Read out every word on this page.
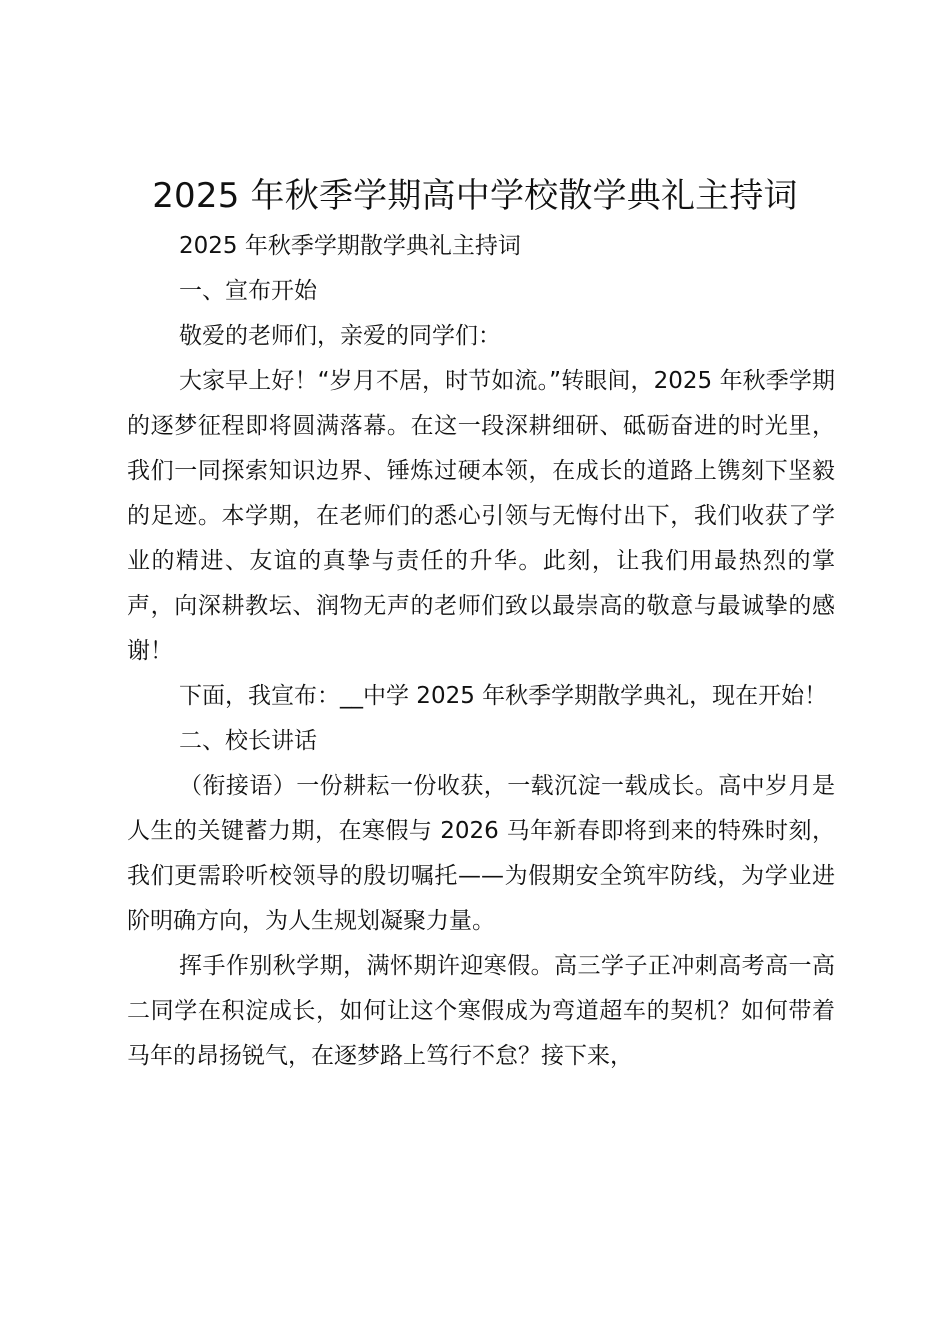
2025 年秋季学期高中学校散学典礼主持词

2025 年秋季学期散学典礼主持词

一、宣布开始

敬爱的老师们，亲爱的同学们：

大家早上好！“岁月不居，时节如流。”转眼间，2025 年秋季学期的逐梦征程即将圆满落幕。在这一段深耕细研、砥砺奋进的时光里，我们一同探索知识边界、锤炼过硬本领，在成长的道路上镌刻下坚毅的足迹。本学期，在老师们的悉心引领与无悔付出下，我们收获了学业的精进、友谊的真挚与责任的升华。此刻，让我们用最热烈的掌声，向深耕教坛、润物无声的老师们致以最崇高的敬意与最诚挚的感谢！

下面，我宣布：__中学 2025 年秋季学期散学典礼，现在开始！

二、校长讲话

（衔接语）一份耕耘一份收获，一载沉淀一载成长。高中岁月是人生的关键蓄力期，在寒假与 2026 马年新春即将到来的特殊时刻，我们更需聆听校领导的殷切嘱托——为假期安全筑牢防线，为学业进阶明确方向，为人生规划凝聚力量。

挥手作别秋学期，满怀期许迎寒假。高三学子正冲刺高考高一高二同学在积淀成长，如何让这个寒假成为弯道超车的契机？如何带着马年的昂扬锐气，在逐梦路上笃行不怠？接下来，
